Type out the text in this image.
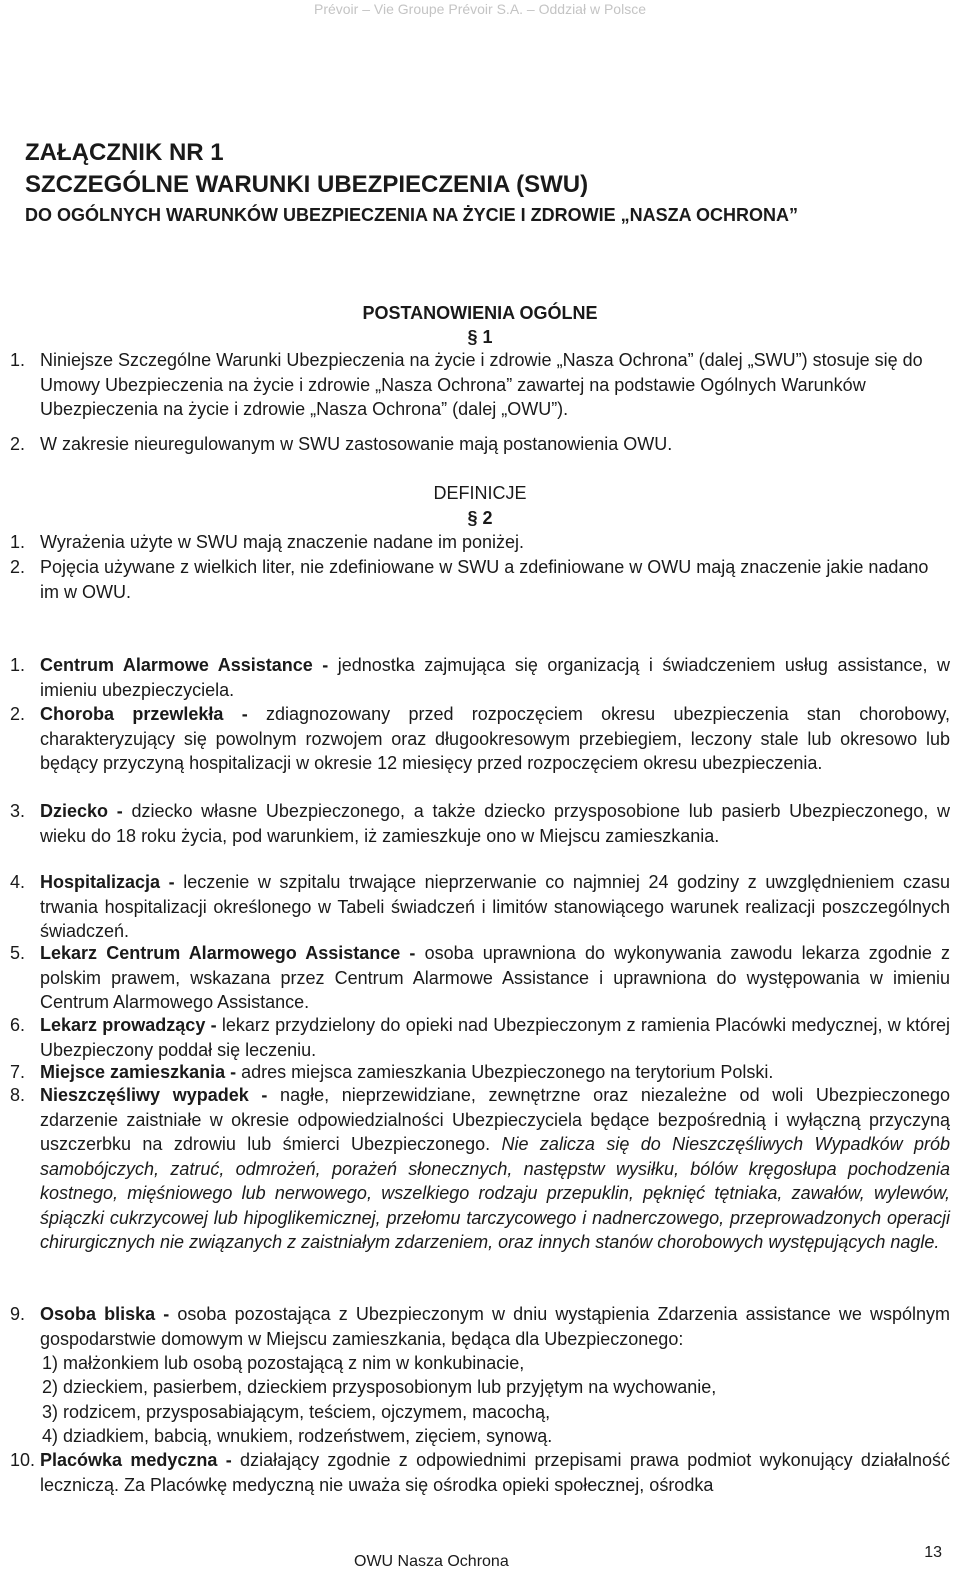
Prévoir – Vie Groupe Prévoir S.A. – Oddział w Polsce
ZAŁĄCZNIK NR 1
SZCZEGÓLNE WARUNKI UBEZPIECZENIA (SWU)
DO OGÓLNYCH WARUNKÓW UBEZPIECZENIA NA ŻYCIE I ZDROWIE „NASZA OCHRONA”
POSTANOWIENIA OGÓLNE
§ 1
1. Niniejsze Szczególne Warunki Ubezpieczenia na życie i zdrowie „Nasza Ochrona” (dalej „SWU”) stosuje się do Umowy Ubezpieczenia na życie i zdrowie „Nasza Ochrona” zawartej na podstawie Ogólnych Warunków Ubezpieczenia na życie i zdrowie „Nasza Ochrona” (dalej „OWU”).
2. W zakresie nieuregulowanym w SWU zastosowanie mają postanowienia OWU.
DEFINICJE
§ 2
1. Wyrażenia użyte w SWU mają znaczenie nadane im poniżej.
2. Pojęcia używane z wielkich liter, nie zdefiniowane w SWU a zdefiniowane w OWU mają znaczenie jakie nadano im w OWU.
1. Centrum Alarmowe Assistance - jednostka zajmująca się organizacją i świadczeniem usług assistance, w imieniu ubezpieczyciela.
2. Choroba przewlekła - zdiagnozowany przed rozpoczęciem okresu ubezpieczenia stan chorobowy, charakteryzujący się powolnym rozwojem oraz długookresowym przebiegiem, leczony stale lub okresowo lub będący przyczyną hospitalizacji w okresie 12 miesięcy przed rozpoczęciem okresu ubezpieczenia.
3. Dziecko - dziecko własne Ubezpieczonego, a także dziecko przysposobione lub pasierb Ubezpieczonego, w wieku do 18 roku życia, pod warunkiem, iż zamieszkuje ono w Miejscu zamieszkania.
4. Hospitalizacja - leczenie w szpitalu trwające nieprzerwanie co najmniej 24 godziny z uwzględnieniem czasu trwania hospitalizacji określonego w Tabeli świadczeń i limitów stanowiącego warunek realizacji poszczególnych świadczeń.
5. Lekarz Centrum Alarmowego Assistance - osoba uprawniona do wykonywania zawodu lekarza zgodnie z polskim prawem, wskazana przez Centrum Alarmowe Assistance i uprawniona do występowania w imieniu Centrum Alarmowego Assistance.
6. Lekarz prowadzący - lekarz przydzielony do opieki nad Ubezpieczonym z ramienia Placówki medycznej, w której Ubezpieczony poddał się leczeniu.
7. Miejsce zamieszkania - adres miejsca zamieszkania Ubezpieczonego na terytorium Polski.
8. Nieszczęśliwy wypadek - nagłe, nieprzewidziane, zewnętrzne oraz niezależne od woli Ubezpieczonego zdarzenie zaistniałe w okresie odpowiedzialności Ubezpieczyciela będące bezpośrednią i wyłączną przyczyną uszczerbku na zdrowiu lub śmierci Ubezpieczonego. Nie zalicza się do Nieszczęśliwych Wypadków prób samobójczych, zatruć, odmrożeń, porażeń słonecznych, następstw wysiłku, bólów kręgosłupa pochodzenia kostnego, mięśniowego lub nerwowego, wszelkiego rodzaju przepuklin, pęknięć tętniaka, zawałów, wylewów, śpiączki cukrzycowej lub hipoglikemicznej, przełomu tarczycowego i nadnerczowego, przeprowadzonych operacji chirurgicznych nie związanych z zaistniałym zdarzeniem, oraz innych stanów chorobowych występujących nagle.
9. Osoba bliska - osoba pozostająca z Ubezpieczonym w dniu wystąpienia Zdarzenia assistance we wspólnym gospodarstwie domowym w Miejscu zamieszkania, będąca dla Ubezpieczonego:
1) małżonkiem lub osobą pozostającą z nim w konkubinacie,
2) dzieckiem, pasierbem, dzieckiem przysposobionym lub przyjętym na wychowanie,
3) rodzicem, przysposabiającym, teściem, ojczymem, macochą,
4) dziadkiem, babcią, wnukiem, rodzeństwem, zięciem, synową.
10. Placówka medyczna - działający zgodnie z odpowiednimi przepisami prawa podmiot wykonujący działalność leczniczą. Za Placówkę medyczną nie uważa się ośrodka opieki społecznej, ośrodka
OWU Nasza Ochrona
13
